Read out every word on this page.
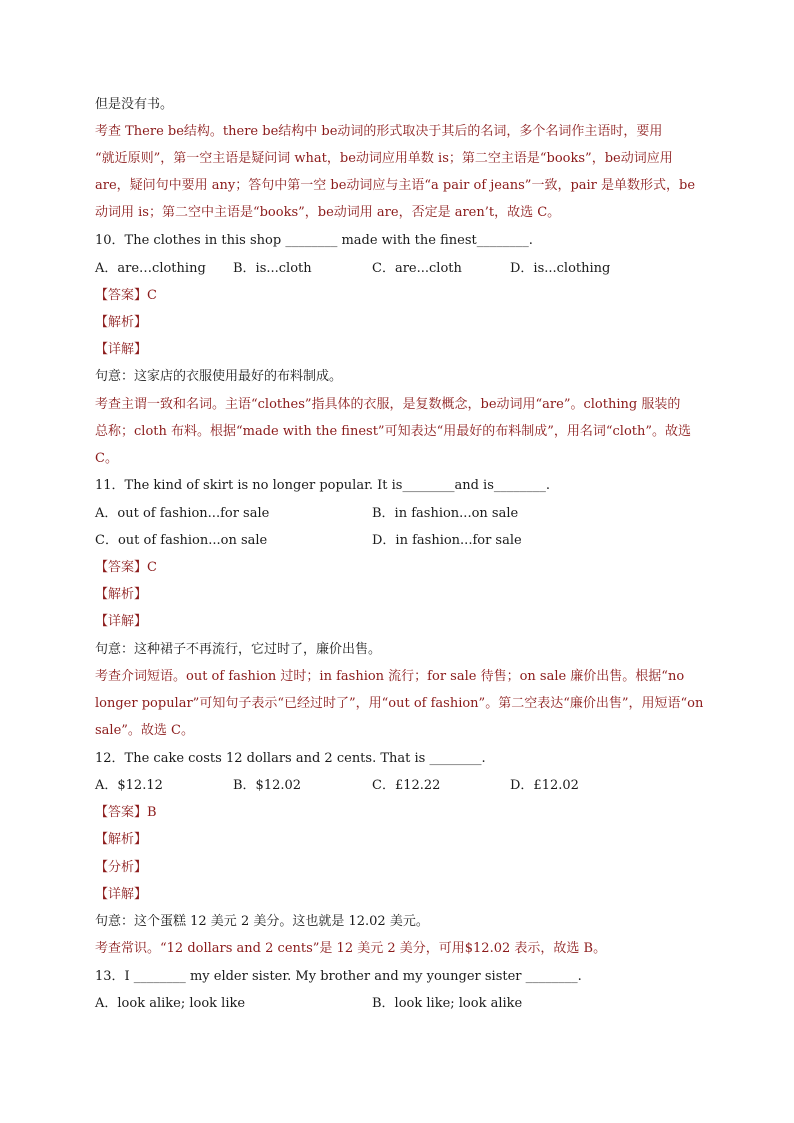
但是没有书。
考查 There be结构。there be结构中 be动词的形式取决于其后的名词，多个名词作主语时，要用
“就近原则”，第一空主语是疑问词 what，be动词应用单数 is；第二空主语是“books”，be动词应用
are，疑问句中要用 any；答句中第一空 be动词应与主语“a pair of jeans”一致，pair 是单数形式，be
动词用 is；第二空中主语是“books”，be动词用 are，否定是 aren’t，故选 C。
10．The clothes in this shop ________ made with the finest________.
A．are…clothing B．is...cloth	C．are...cloth	D．is...clothing
【答案】C
【解析】
【详解】
句意：这家店的衣服使用最好的布料制成。
考查主谓一致和名词。主语“clothes”指具体的衣服，是复数概念，be动词用“are”。clothing 服装的
总称；cloth 布料。根据“made with the finest”可知表达“用最好的布料制成”，用名词“cloth”。故选
C。
11．The kind of skirt is no longer popular. It is________and is________.
A．out of fashion...for sale	B．in fashion...on sale
C．out of fashion...on sale	D．in fashion...for sale
【答案】C
【解析】
【详解】
句意：这种裙子不再流行，它过时了，廉价出售。
考查介词短语。out of fashion 过时；in fashion 流行；for sale 待售；on sale 廉价出售。根据“no
longer popular”可知句子表示“已经过时了”，用“out of fashion”。第二空表达“廉价出售”，用短语“on
sale”。故选 C。
12．The cake costs 12 dollars and 2 cents. That is ________.
A．$12.12	B．$12.02	C．£12.22	D．£12.02
【答案】B
【解析】
【分析】
【详解】
句意：这个蛋糕 12 美元 2 美分。这也就是 12.02 美元。
考查常识。“12 dollars and 2 cents”是 12 美元 2 美分，可用$12.02 表示，故选 B。
13．I ________ my elder sister. My brother and my younger sister ________.
A．look alike; look like	B．look like; look alike
